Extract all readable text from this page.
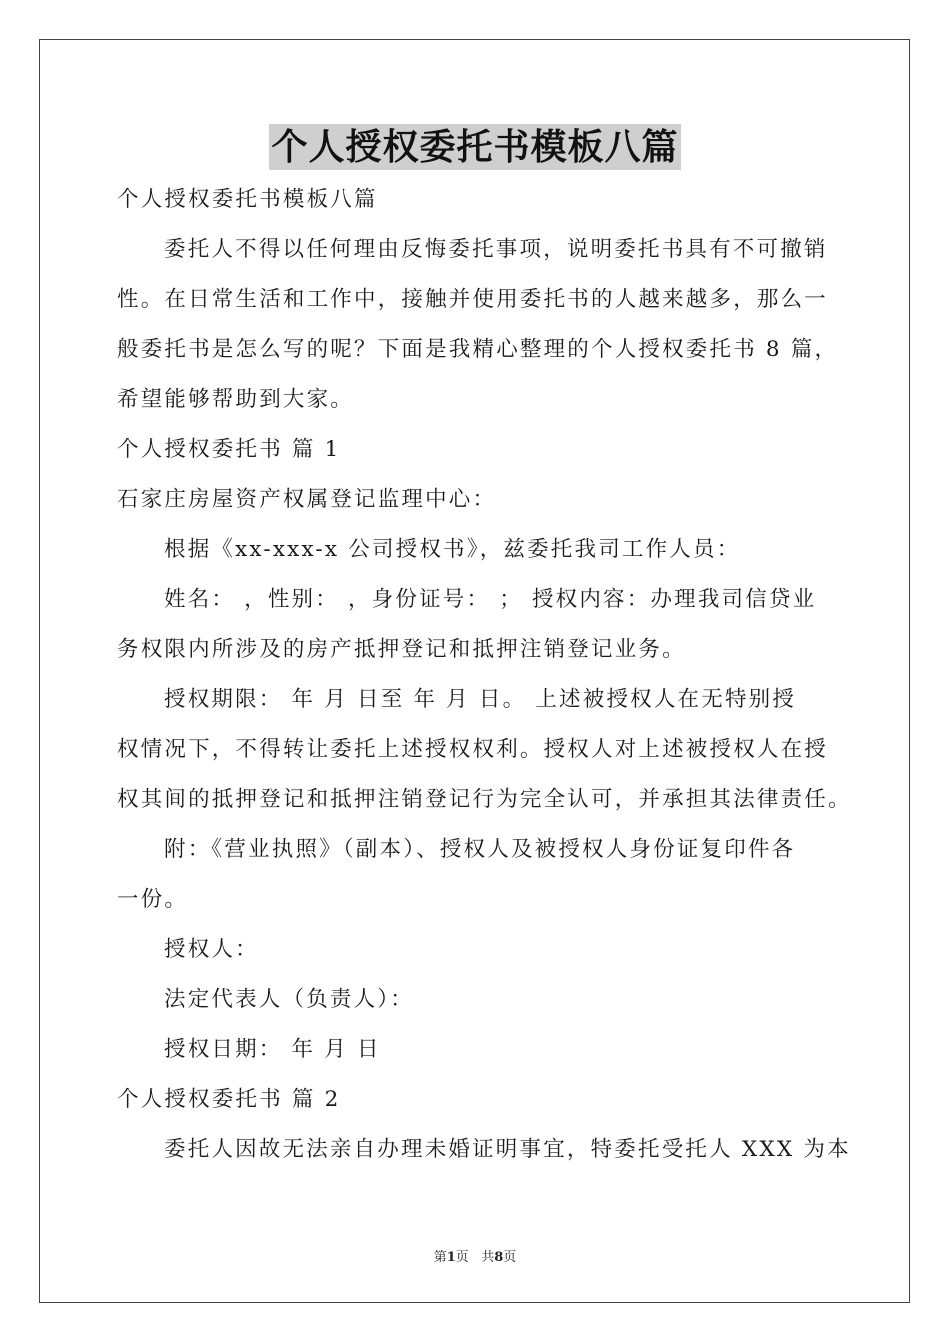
个人授权委托书模板八篇
个人授权委托书模板八篇
委托人不得以任何理由反悔委托事项，说明委托书具有不可撤销
性。在日常生活和工作中，接触并使用委托书的人越来越多，那么一
般委托书是怎么写的呢？下面是我精心整理的个人授权委托书 8 篇，
希望能够帮助到大家。
个人授权委托书 篇 1
石家庄房屋资产权属登记监理中心：
根据《xx-xxx-x 公司授权书》，兹委托我司工作人员：
姓名： ，性别： ，身份证号： ； 授权内容：办理我司信贷业
务权限内所涉及的房产抵押登记和抵押注销登记业务。
授权期限： 年 月 日至 年 月 日。 上述被授权人在无特别授
权情况下，不得转让委托上述授权权利。授权人对上述被授权人在授
权其间的抵押登记和抵押注销登记行为完全认可，并承担其法律责任。
附：《营业执照》（副本）、授权人及被授权人身份证复印件各
一份。
授权人：
法定代表人（负责人）：
授权日期： 年 月 日
个人授权委托书 篇 2
委托人因故无法亲自办理未婚证明事宜，特委托受托人 XXX 为本
第1页 共8页
